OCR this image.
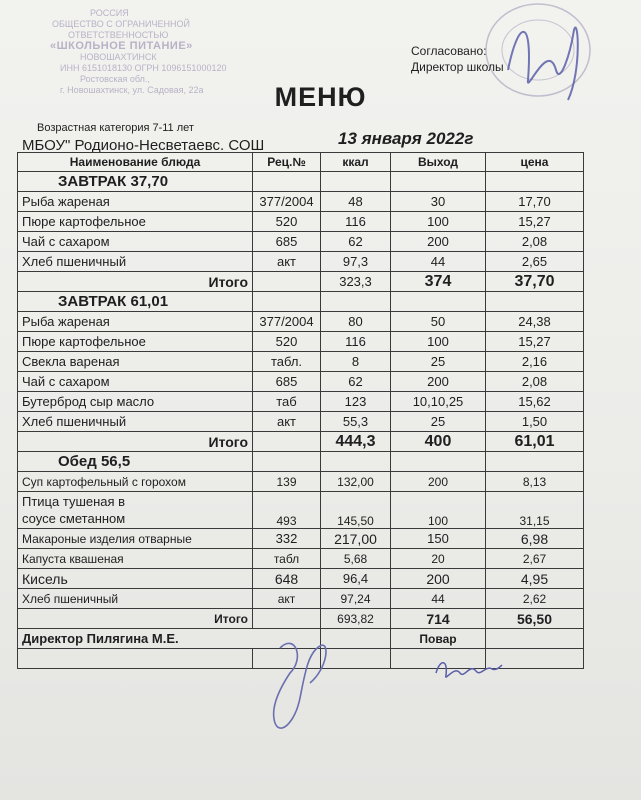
РОССИЯ
ОБЩЕСТВО С ОГРАНИЧЕННОЙ
ОТВЕТСТВЕННОСТЬЮ
«ШКОЛЬНОЕ ПИТАНИЕ»
НОВОШАХТИНСК
ИНН 6151018130 ОГРН 1096151000120
Ростовская обл.,
г. Новошахтинск, ул. Садовая, 22а
Согласовано:
Директор школы
МЕНЮ
Возрастная категория 7-11 лет
МБОУ" Родионо-Несветаевс. СОШ	13 января 2022г
Наименование блюда	Рец.№	ккал	Выход	цена
ЗАВТРАК 37,70				
Рыба жареная	377/2004	48	30	17,70
Пюре картофельное	520	116	100	15,27
Чай с сахаром	685	62	200	2,08
Хлеб пшеничный	акт	97,3	44	2,65
Итого		323,3	374	37,70
ЗАВТРАК 61,01				
Рыба жареная	377/2004	80	50	24,38
Пюре картофельное	520	116	100	15,27
Свекла вареная	табл.	8	25	2,16
Чай с сахаром	685	62	200	2,08
Бутерброд сыр масло	таб	123	10,10,25	15,62
Хлеб пшеничный	акт	55,3	25	1,50
Итого		444,3	400	61,01
Обед 56,5				
Суп картофельный с горохом	139	132,00	200	8,13
Птица тушеная в соусе сметанном	493	145,50	100	31,15
Макароные изделия отварные	332	217,00	150	6,98
Капуста квашеная	табл	5,68	20	2,67
Кисель	648	96,4	200	4,95
Хлеб пшеничный	акт	97,24	44	2,62
Итого		693,82	714	56,50
Директор Пилягина М.Е.			Повар	
